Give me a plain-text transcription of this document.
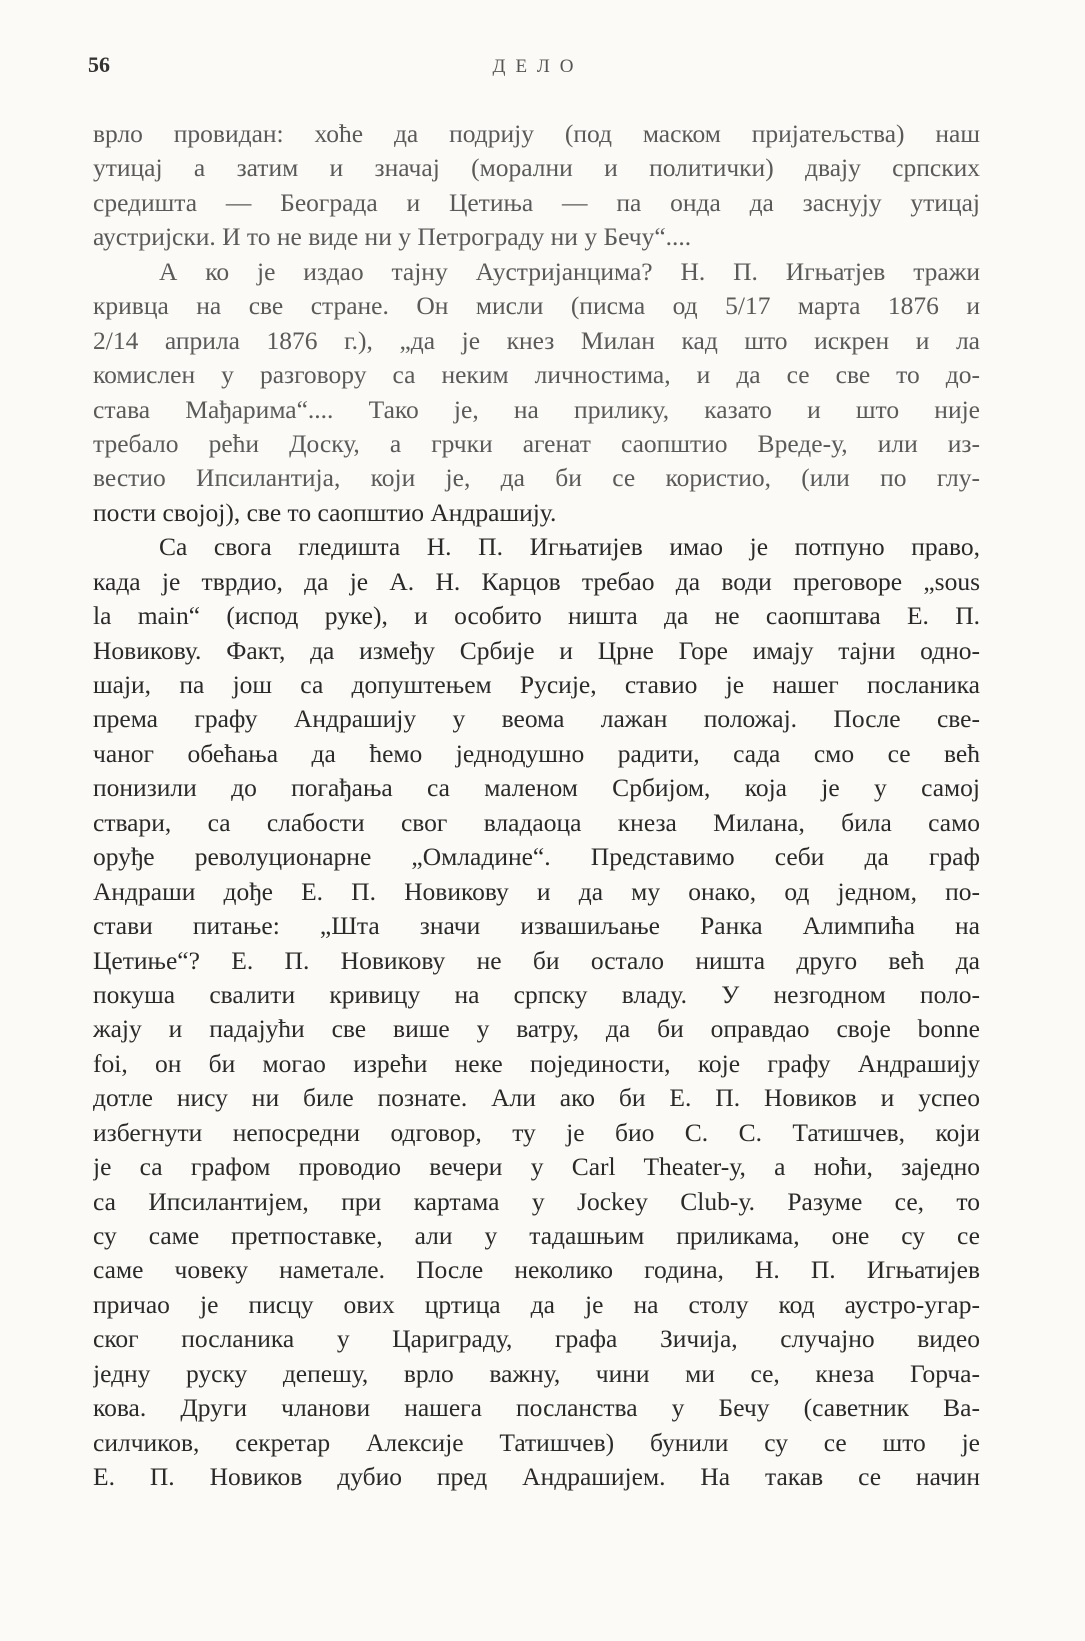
56	ДЕЛО
врло провидан: хоће да подрију (под маском пријатељства) наш
утицај а затим и значај (морални и политички) двају српских
средишта — Београда и Цетиња — па онда да заснују утицај
аустријски. И то не виде ни у Петрограду ни у Бечу“....
А ко је издао тајну Аустријанцима? Н. П. Игњатјев тражи
кривца на све стране. Он мисли (писма од 5/17 марта 1876 и
2/14 априла 1876 г.), „да је кнез Милан кад што искрен и ла
комислен у разговору са неким личностима, и да се све то до-
става Мађарима“.... Тако је, на прилику, казато и што није
требало рећи Доску, а грчки агенат саопштио Вреде-у, или из-
вестио Ипсилантија, који је, да би се користио, (или по глу-
пости својој), све то саопштио Андрашију.
Са свога гледишта Н. П. Игњатијев имао је потпуно право,
када је тврдио, да је А. Н. Карцов требао да води преговоре „sous
la main“ (испод руке), и особито ништа да не саопштава Е. П.
Новикову. Факт, да између Србије и Црне Горе имају тајни одно-
шаји, па још са допуштењем Русије, ставио је нашег посланика
према графу Андрашију у веома лажан положај. После све-
чаног обећања да ћемо једнодушно радити, сада смо се већ
понизили до погађања са маленом Србијом, која је у самој
ствари, са слабости свог владаоца кнеза Милана, била само
оруђе револуционарне „Омладине“. Представимо себи да граф
Андраши дође Е. П. Новикову и да му онако, од једном, по-
стави питање: „Шта значи извашиљање Ранка Алимпића на
Цетиње“? Е. П. Новикову не би остало ништа друго већ да
покуша свалити кривицу на српску владу. У незгодном поло-
жају и падајући све више у ватру, да би оправдао своје bonne
foi, он би могао изрећи неке појединости, које графу Андрашију
дотле нису ни биле познате. Али ако би Е. П. Новиков и успео
избегнути непосредни одговор, ту је био С. С. Татишчев, који
је са графом проводио вечери у Carl Theater-у, а ноћи, заједно
са Ипсилантијем, при картама у Jockey Club-у. Разуме се, то
су саме претпоставке, али у тадашњим приликама, оне су се
саме човеку наметале. После неколико година, Н. П. Игњатијев
причао је писцу ових цртица да је на столу код аустро-угар-
ског посланика у Цариграду, графа Зичија, случајно видео
једну руску депешу, врло важну, чини ми се, кнеза Горча-
кова. Други чланови нашега посланства у Бечу (саветник Ва-
силчиков, секретар Алексије Татишчев) бунили су се што је
Е. П. Новиков дубио пред Андрашијем. На такав се начин
